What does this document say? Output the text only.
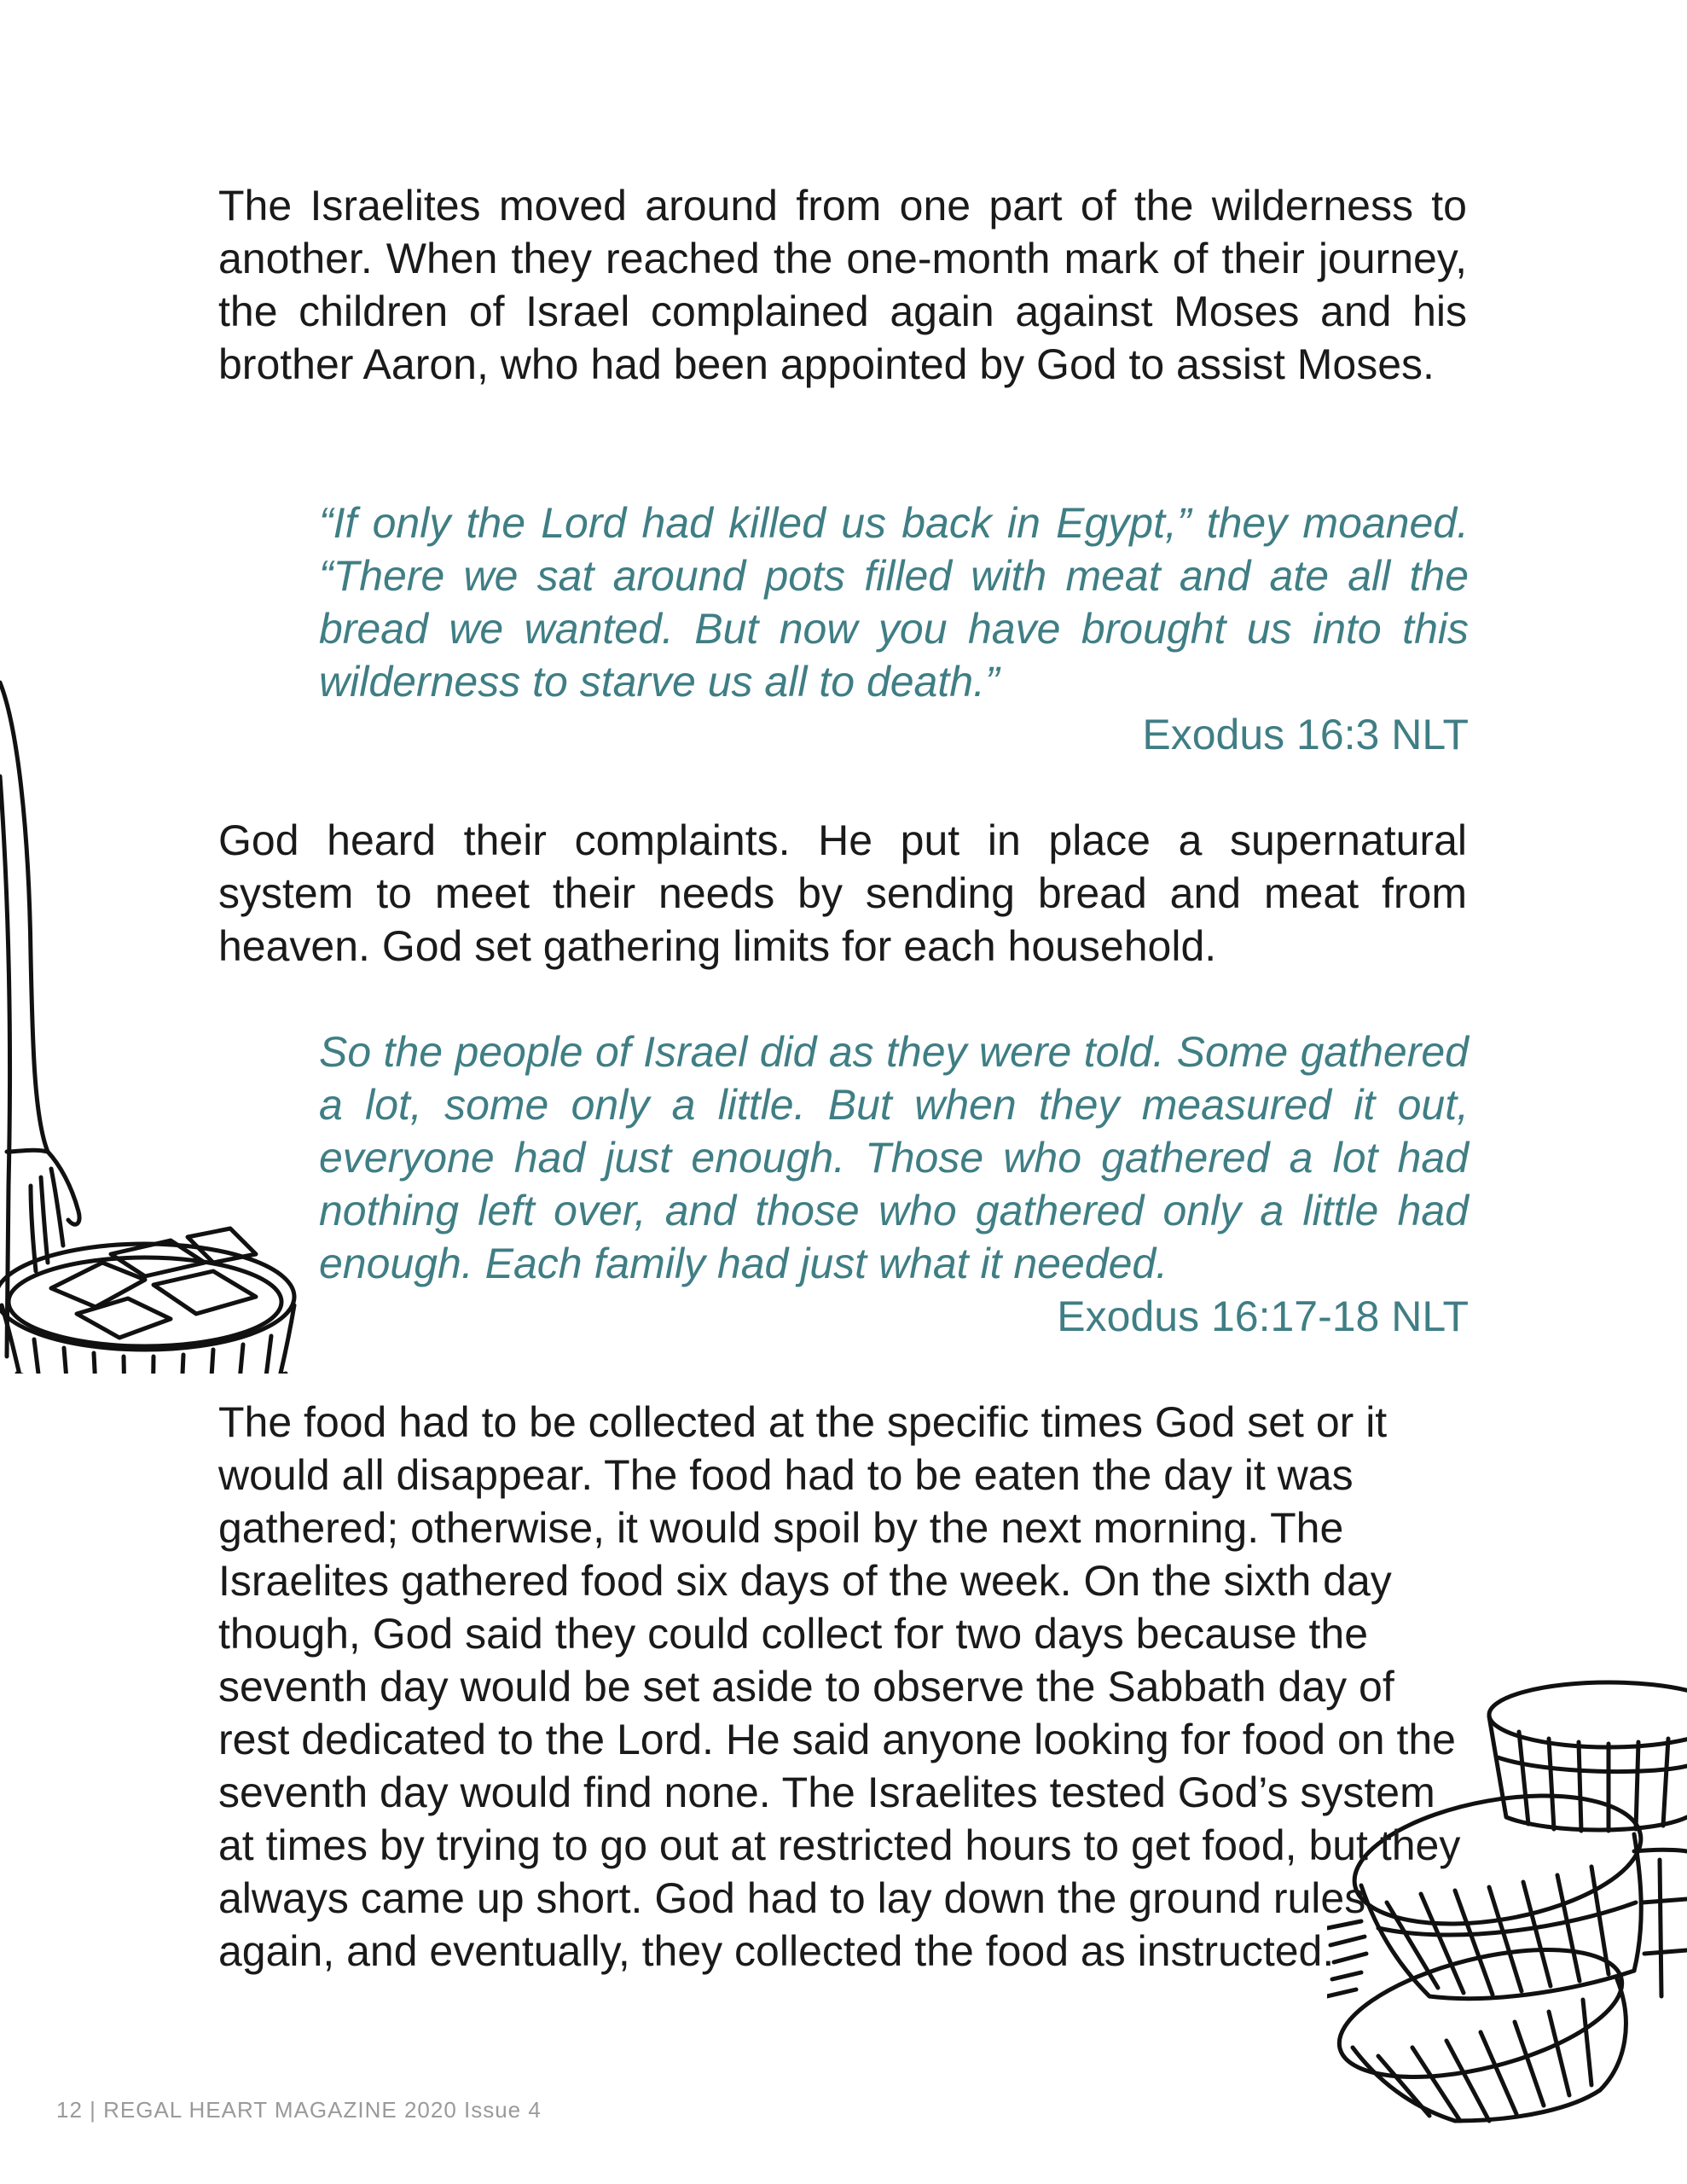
The Israelites moved around from one part of the wilderness to another. When they reached the one-month mark of their journey, the children of Israel complained again against Moses and his brother Aaron, who had been appointed by God to assist Moses.

“If only the Lord had killed us back in Egypt,” they moaned. “There we sat around pots filled with meat and ate all the bread we wanted. But now you have brought us into this wilderness to starve us all to death.”

Exodus 16:3 NLT

God heard their complaints. He put in place a supernatural system to meet their needs by sending bread and meat from heaven. God set gathering limits for each household.

So the people of Israel did as they were told. Some gathered a lot, some only a little. But when they measured it out, everyone had just enough. Those who gathered a lot had nothing left over, and those who gathered only a little had enough. Each family had just what it needed.

Exodus 16:17-18 NLT

The food had to be collected at the specific times God set or it would all disappear. The food had to be eaten the day it was gathered; otherwise, it would spoil by the next morning. The Israelites gathered food six days of the week. On the sixth day though, God said they could collect for two days because the seventh day would be set aside to observe the Sabbath day of rest dedicated to the Lord. He said anyone looking for food on the seventh day would find none. The Israelites tested God’s system at times by trying to go out at restricted hours to get food, but they always came up short. God had to lay down the ground rules again, and eventually, they collected the food as instructed.

12 | REGAL HEART MAGAZINE 2020 Issue 4
